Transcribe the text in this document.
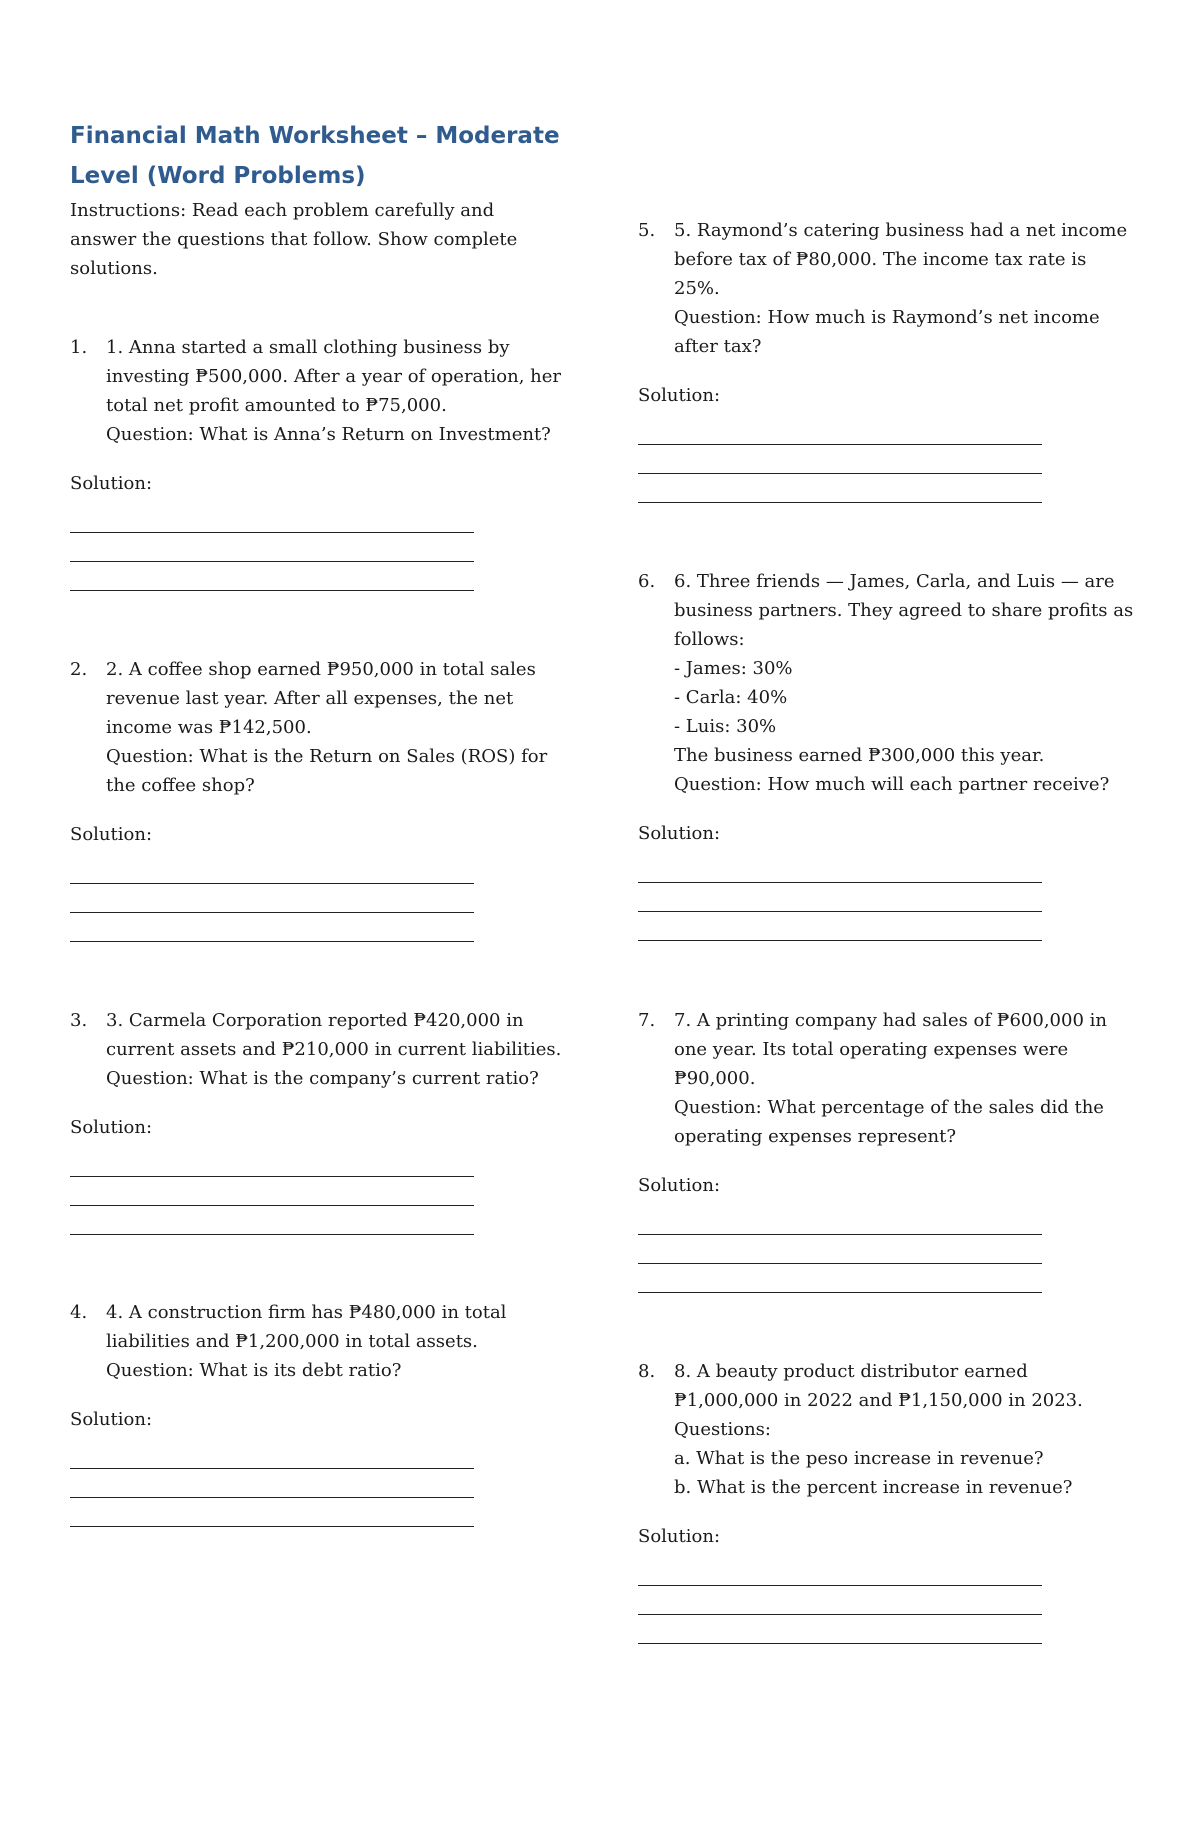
Financial Math Worksheet – Moderate
Level (Word Problems)

Instructions: Read each problem carefully and
answer the questions that follow. Show complete
solutions.

1.	1. Anna started a small clothing business by
investing ₱500,000. After a year of operation, her
total net profit amounted to ₱75,000.
Question: What is Anna’s Return on Investment?

Solution:
2.	2. A coffee shop earned ₱950,000 in total sales
revenue last year. After all expenses, the net
income was ₱142,500.
Question: What is the Return on Sales (ROS) for
the coffee shop?

Solution:
3.	3. Carmela Corporation reported ₱420,000 in
current assets and ₱210,000 in current liabilities.
Question: What is the company’s current ratio?

Solution:
4.	4. A construction firm has ₱480,000 in total
liabilities and ₱1,200,000 in total assets.
Question: What is its debt ratio?

Solution:
5.	5. Raymond’s catering business had a net income
before tax of ₱80,000. The income tax rate is
25%.
Question: How much is Raymond’s net income
after tax?

Solution:
6.	6. Three friends — James, Carla, and Luis — are
business partners. They agreed to share profits as
follows:
- James: 30%
- Carla: 40%
- Luis: 30%
The business earned ₱300,000 this year.
Question: How much will each partner receive?

Solution:
7.	7. A printing company had sales of ₱600,000 in
one year. Its total operating expenses were
₱90,000.
Question: What percentage of the sales did the
operating expenses represent?

Solution:
8.	8. A beauty product distributor earned
₱1,000,000 in 2022 and ₱1,150,000 in 2023.
Questions:
a. What is the peso increase in revenue?
b. What is the percent increase in revenue?

Solution:
